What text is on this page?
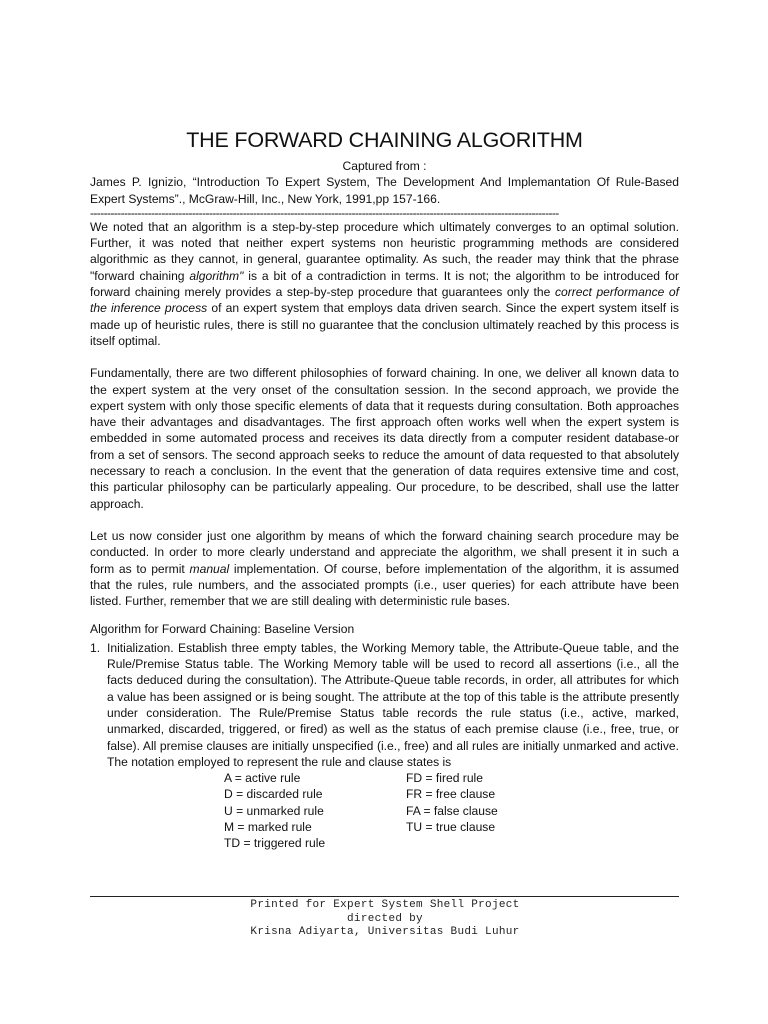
THE FORWARD CHAINING ALGORITHM

Captured from :

James P. Ignizio, “Introduction To Expert System, The Development And Implemantation Of Rule-Based Expert Systems”., McGraw-Hill, Inc., New York, 1991,pp 157-166.

------------------------------------------------------------------------------------------------------------------------------------------

We noted that an algorithm is a step-by-step procedure which ultimately converges to an optimal solution. Further, it was noted that neither expert systems non heuristic programming methods are considered algorithmic as they cannot, in general, guarantee optimality. As such, the reader may think that the phrase "forward chaining algorithm" is a bit of a contradiction in terms. It is not; the algorithm to be introduced for forward chaining merely provides a step-by-step procedure that guarantees only the correct performance of the inference process of an expert system that employs data driven search. Since the expert system itself is made up of heuristic rules, there is still no guarantee that the conclusion ultimately reached by this process is itself optimal.

Fundamentally, there are two different philosophies of forward chaining. In one, we deliver all known data to the expert system at the very onset of the consultation session. In the second approach, we provide the expert system with only those specific elements of data that it requests during consultation. Both approaches have their advantages and disadvantages. The first approach often works well when the expert system is embedded in some automated process and receives its data directly from a computer resident database-or from a set of sensors. The second approach seeks to reduce the amount of data requested to that absolutely necessary to reach a conclusion. In the event that the generation of data requires extensive time and cost, this particular philosophy can be particularly appealing. Our procedure, to be described, shall use the latter approach.

Let us now consider just one algorithm by means of which the forward chaining search procedure may be conducted. In order to more clearly understand and appreciate the algorithm, we shall present it in such a form as to permit manual implementation. Of course, before implementation of the algorithm, it is assumed that the rules, rule numbers, and the associated prompts (i.e., user queries) for each attribute have been listed. Further, remember that we are still dealing with deterministic rule bases.

Algorithm for Forward Chaining: Baseline Version

1. Initialization. Establish three empty tables, the Working Memory table, the Attribute-Queue table, and the Rule/Premise Status table. The Working Memory table will be used to record all assertions (i.e., all the facts deduced during the consultation). The Attribute-Queue table records, in order, all attributes for which a value has been assigned or is being sought. The attribute at the top of this table is the attribute presently under consideration. The Rule/Premise Status table records the rule status (i.e., active, marked, unmarked, discarded, triggered, or fired) as well as the status of each premise clause (i.e., free, true, or false). All premise clauses are initially unspecified (i.e., free) and all rules are initially unmarked and active. The notation employed to represent the rule and clause states is
A = active rule	FD = fired rule
D = discarded rule	FR = free clause
U = unmarked rule	FA = false clause
M = marked rule	TU = true clause
TD = triggered rule
Printed for Expert System Shell Project
directed by
Krisna Adiyarta, Universitas Budi Luhur
